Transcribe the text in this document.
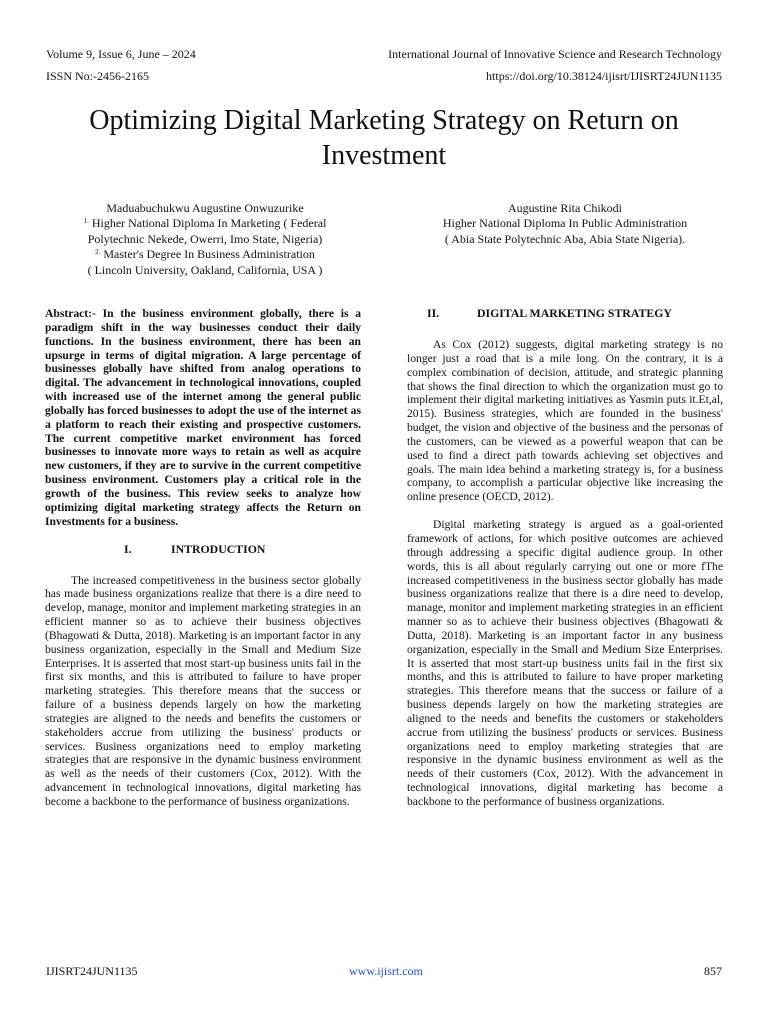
Volume 9, Issue 6, June – 2024	International Journal of Innovative Science and Research Technology
ISSN No:-2456-2165	https://doi.org/10.38124/ijisrt/IJISRT24JUN1135
Optimizing Digital Marketing Strategy on Return on Investment
Maduabuchukwu Augustine Onwuzurike
$^{1.}$ Higher National Diploma In Marketing ( Federal
Polytechnic Nekede, Owerri, Imo State, Nigeria)
$^{2.}$ Master's Degree In Business Administration
( Lincoln University, Oakland, California, USA )
Augustine Rita Chikodi
Higher National Diploma In Public Administration
( Abia State Polytechnic Aba, Abia State Nigeria).

Abstract:- In the business environment globally, there is a paradigm shift in the way businesses conduct their daily functions. In the business environment, there has been an upsurge in terms of digital migration. A large percentage of businesses globally have shifted from analog operations to digital. The advancement in technological innovations, coupled with increased use of the internet among the general public globally has forced businesses to adopt the use of the internet as a platform to reach their existing and prospective customers. The current competitive market environment has forced businesses to innovate more ways to retain as well as acquire new customers, if they are to survive in the current competitive business environment. Customers play a critical role in the growth of the business. This review seeks to analyze how optimizing digital marketing strategy affects the Return on Investments for a business.

I.	INTRODUCTION

The increased competitiveness in the business sector globally has made business organizations realize that there is a dire need to develop, manage, monitor and implement marketing strategies in an efficient manner so as to achieve their business objectives (Bhagowati & Dutta, 2018). Marketing is an important factor in any business organization, especially in the Small and Medium Size Enterprises. It is asserted that most start-up business units fail in the first six months, and this is attributed to failure to have proper marketing strategies. This therefore means that the success or failure of a business depends largely on how the marketing strategies are aligned to the needs and benefits the customers or stakeholders accrue from utilizing the business' products or services. Business organizations need to employ marketing strategies that are responsive in the dynamic business environment as well as the needs of their customers (Cox, 2012). With the advancement in technological innovations, digital marketing has become a backbone to the performance of business organizations.

II.	DIGITAL MARKETING STRATEGY

As Cox (2012) suggests, digital marketing strategy is no longer just a road that is a mile long. On the contrary, it is a complex combination of decision, attitude, and strategic planning that shows the final direction to which the organization must go to implement their digital marketing initiatives as Yasmin puts it.Et,al, 2015). Business strategies, which are founded in the business' budget, the vision and objective of the business and the personas of the customers, can be viewed as a powerful weapon that can be used to find a direct path towards achieving set objectives and goals. The main idea behind a marketing strategy is, for a business company, to accomplish a particular objective like increasing the online presence (OECD, 2012).

Digital marketing strategy is argued as a goal-oriented framework of actions, for which positive outcomes are achieved through addressing a specific digital audience group. In other words, this is all about regularly carrying out one or more fThe increased competitiveness in the business sector globally has made business organizations realize that there is a dire need to develop, manage, monitor and implement marketing strategies in an efficient manner so as to achieve their business objectives (Bhagowati & Dutta, 2018). Marketing is an important factor in any business organization, especially in the Small and Medium Size Enterprises. It is asserted that most start-up business units fail in the first six months, and this is attributed to failure to have proper marketing strategies. This therefore means that the success or failure of a business depends largely on how the marketing strategies are aligned to the needs and benefits the customers or stakeholders accrue from utilizing the business' products or services. Business organizations need to employ marketing strategies that are responsive in the dynamic business environment as well as the needs of their customers (Cox, 2012). With the advancement in technological innovations, digital marketing has become a backbone to the performance of business organizations.

IJISRT24JUN1135	www.ijisrt.com	857
